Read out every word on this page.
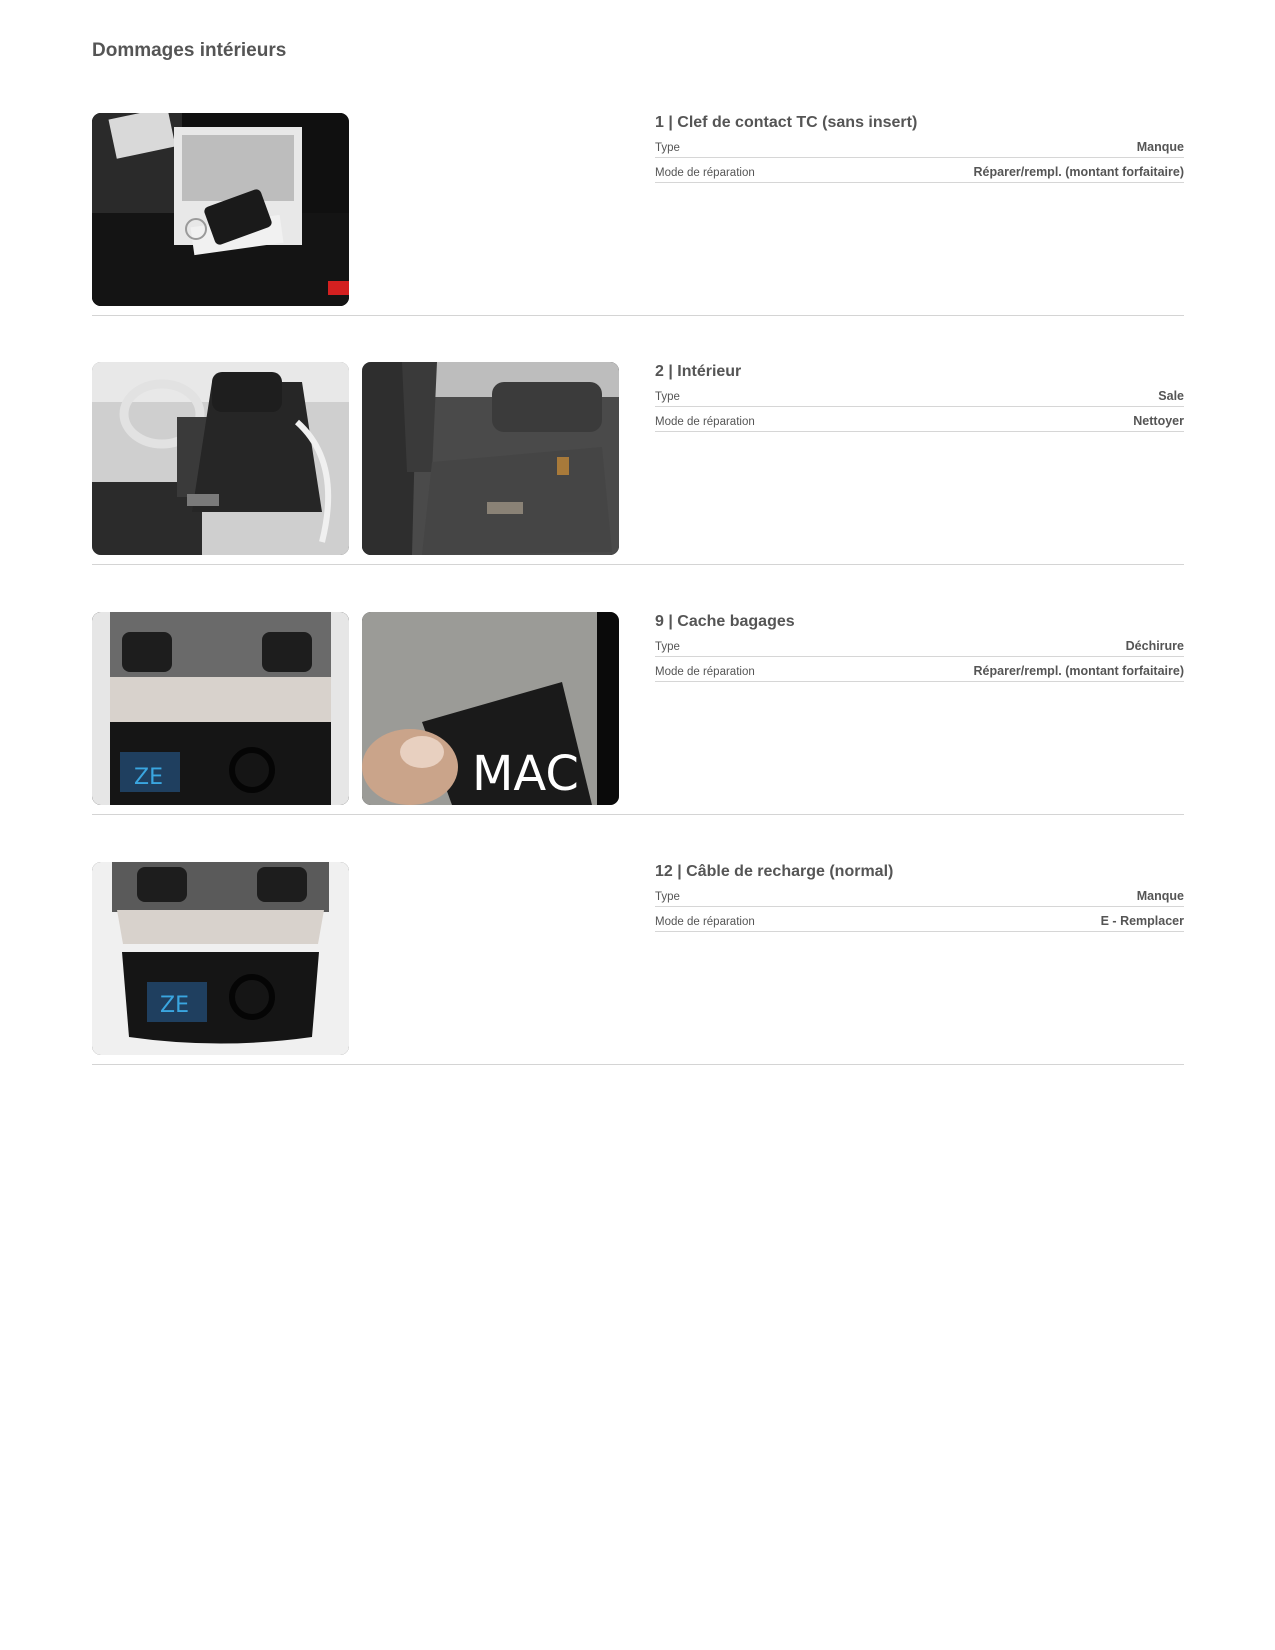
Dommages intérieurs
1 | Clef de contact TC (sans insert)
Type	Manque
Mode de réparation	Réparer/rempl. (montant forfaitaire)
2 | Intérieur
Type	Sale
Mode de réparation	Nettoyer
ZE	MAC
9 | Cache bagages
Type	Déchirure
Mode de réparation	Réparer/rempl. (montant forfaitaire)
ZE
12 | Câble de recharge (normal)
Type	Manque
Mode de réparation	E - Remplacer
